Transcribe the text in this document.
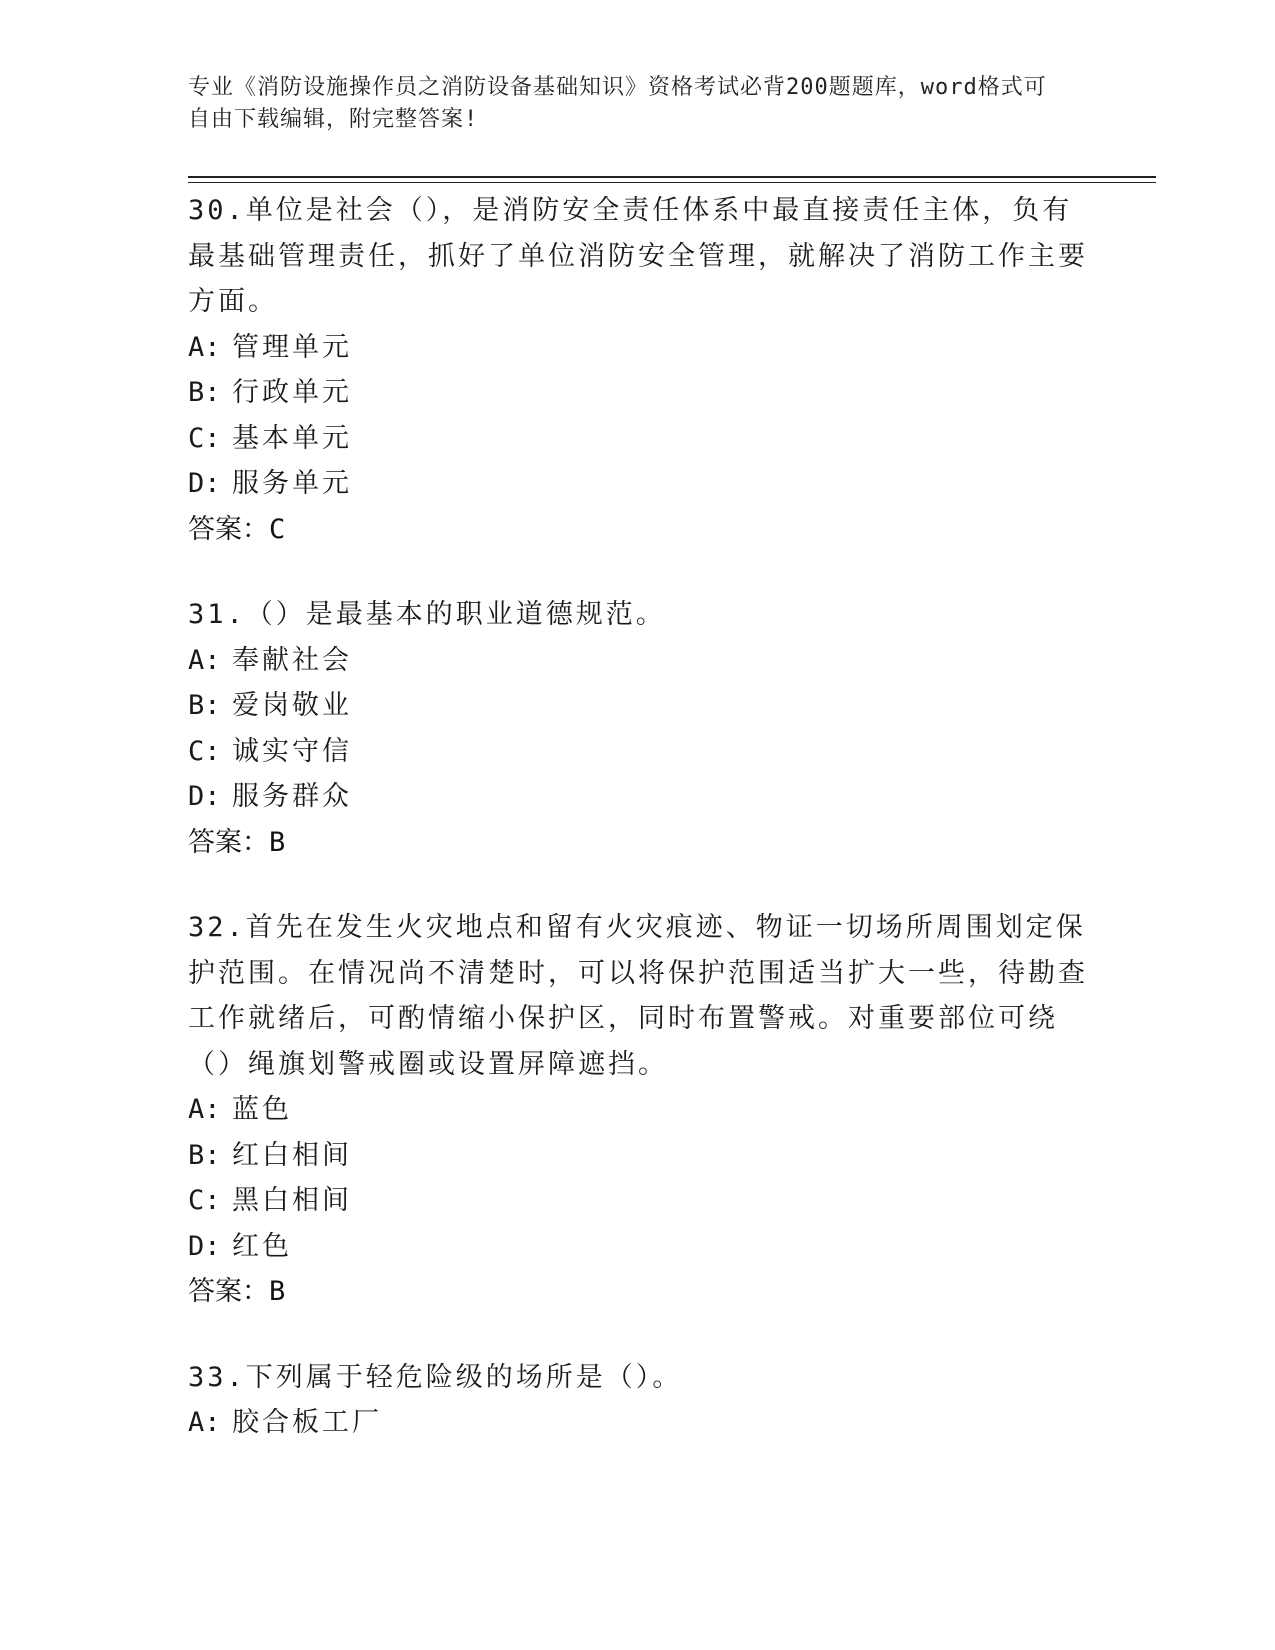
专业《消防设施操作员之消防设备基础知识》资格考试必背200题题库，word格式可自由下载编辑，附完整答案!

30.单位是社会（），是消防安全责任体系中最直接责任主体，负有最基础管理责任，抓好了单位消防安全管理，就解决了消防工作主要方面。

A: 管理单元

B: 行政单元

C: 基本单元

D: 服务单元

答案：C

31.（）是最基本的职业道德规范。

A: 奉献社会

B: 爱岗敬业

C: 诚实守信

D: 服务群众

答案：B

32.首先在发生火灾地点和留有火灾痕迹、物证一切场所周围划定保护范围。在情况尚不清楚时，可以将保护范围适当扩大一些，待勘查工作就绪后，可酌情缩小保护区，同时布置警戒。对重要部位可绕（）绳旗划警戒圈或设置屏障遮挡。

A: 蓝色

B: 红白相间

C: 黑白相间

D: 红色

答案：B

33.下列属于轻危险级的场所是（）。

A: 胶合板工厂
